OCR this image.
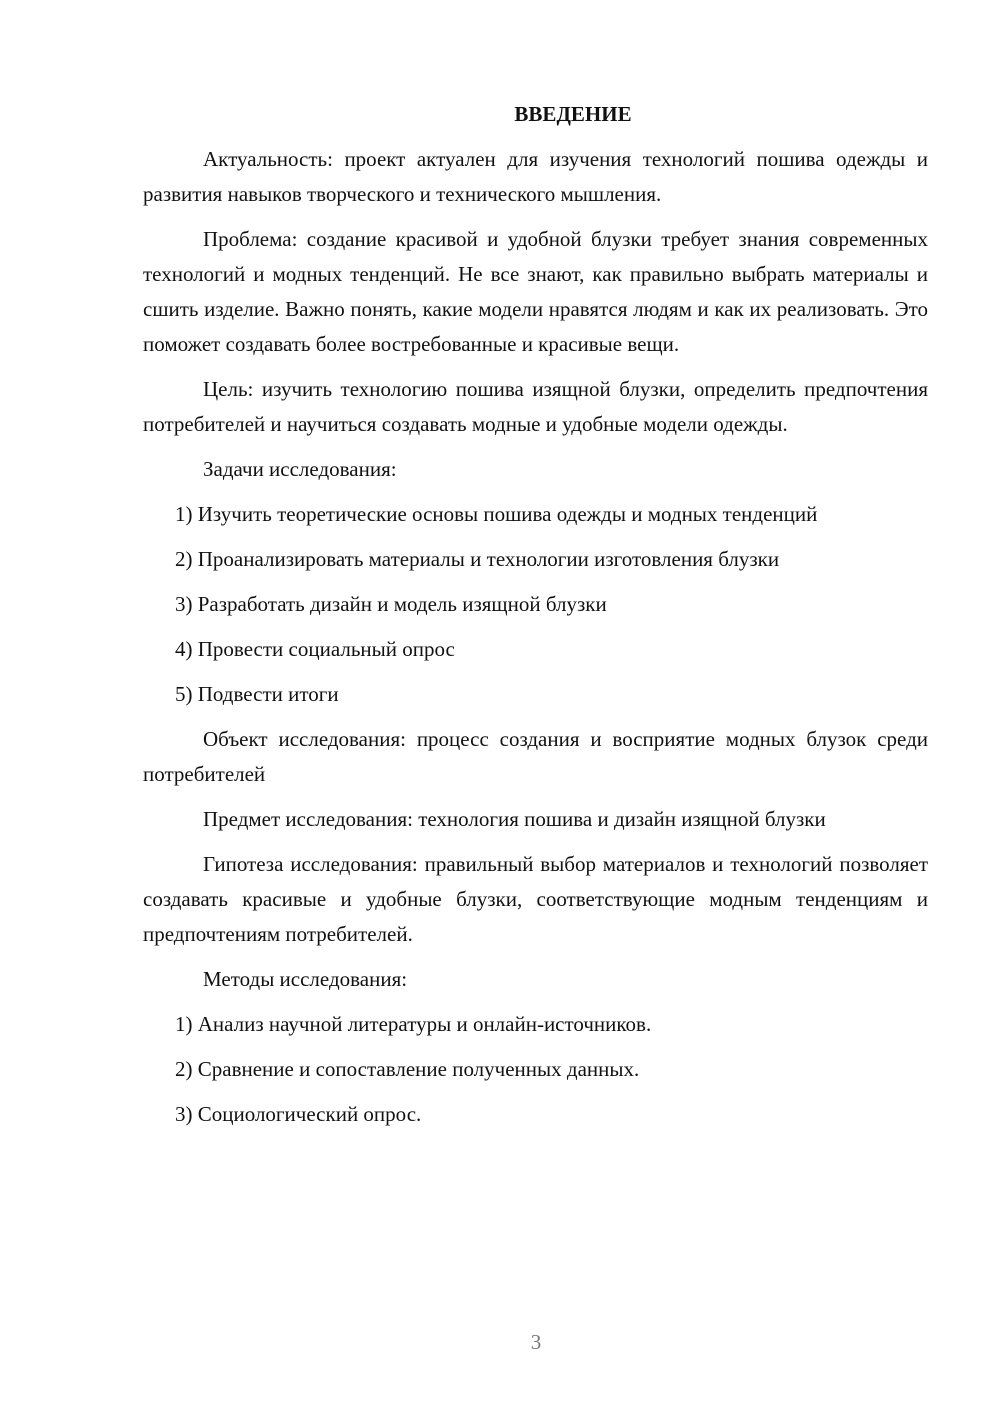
ВВЕДЕНИЕ
Актуальность: проект актуален для изучения технологий пошива одежды и развития навыков творческого и технического мышления.
Проблема: создание красивой и удобной блузки требует знания современных технологий и модных тенденций. Не все знают, как правильно выбрать материалы и сшить изделие. Важно понять, какие модели нравятся людям и как их реализовать. Это поможет создавать более востребованные и красивые вещи.
Цель: изучить технологию пошива изящной блузки, определить предпочтения потребителей и научиться создавать модные и удобные модели одежды.
Задачи исследования:
1) Изучить теоретические основы пошива одежды и модных тенденций
2) Проанализировать материалы и технологии изготовления блузки
3) Разработать дизайн и модель изящной блузки
4) Провести социальный опрос
5) Подвести итоги
Объект исследования: процесс создания и восприятие модных блузок среди потребителей
Предмет исследования: технология пошива и дизайн изящной блузки
Гипотеза исследования: правильный выбор материалов и технологий позволяет создавать красивые и удобные блузки, соответствующие модным тенденциям и предпочтениям потребителей.
Методы исследования:
1) Анализ научной литературы и онлайн-источников.
2) Сравнение и сопоставление полученных данных.
3) Социологический опрос.
3
